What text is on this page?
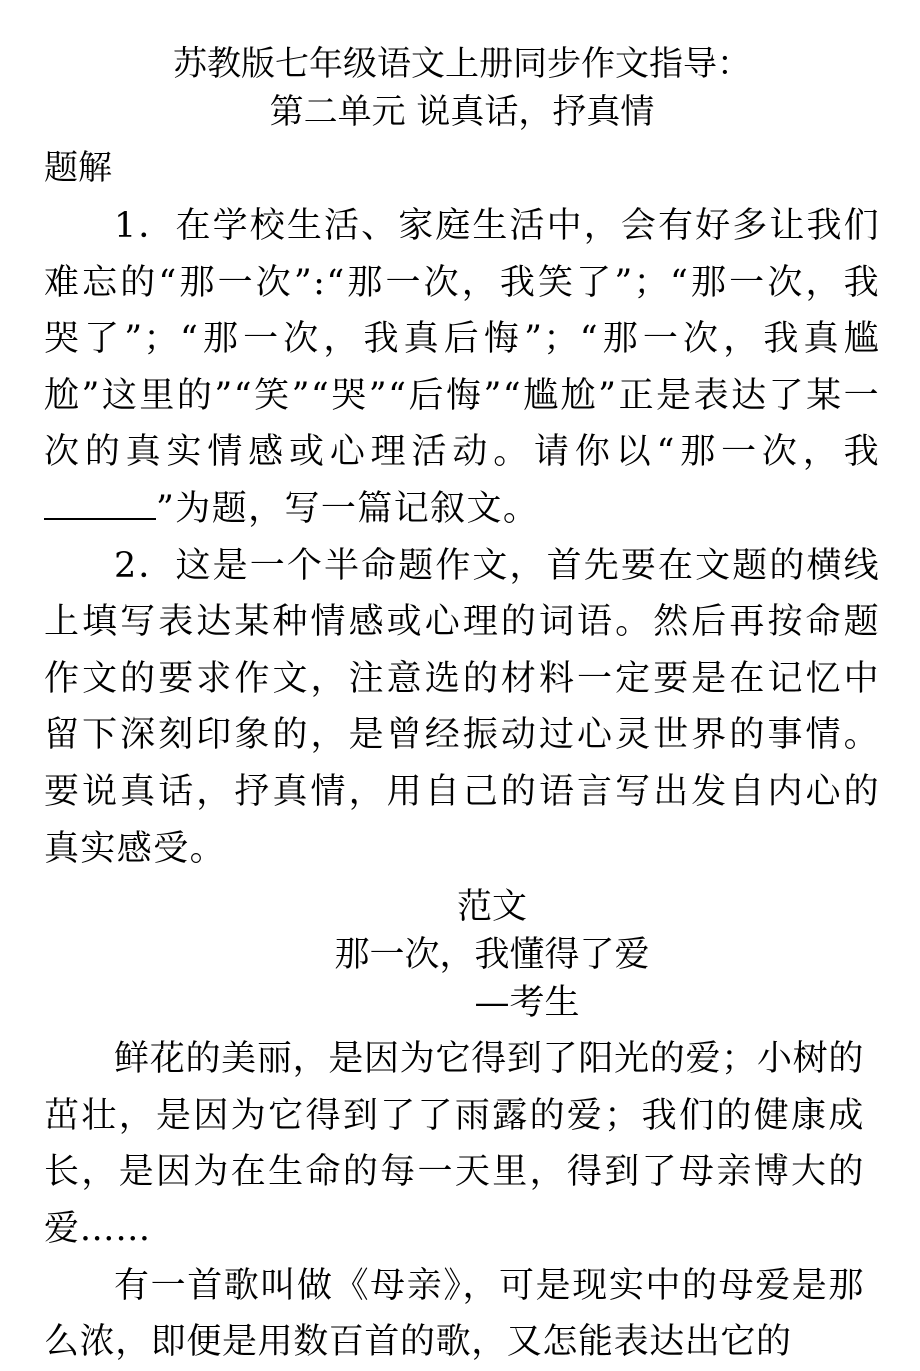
苏教版七年级语文上册同步作文指导：
第二单元 说真话，抒真情
题解

1．在学校生活、家庭生活中，会有好多让我们难忘的“那一次”:“那一次，我笑了”；“那一次，我哭了”；“那一次，我真后悔”；“那一次，我真尴尬”这里的”“笑”“哭”“后悔”“尴尬”正是表达了某一次的真实情感或心理活动。请你以“那一次，我”为题，写一篇记叙文。

2．这是一个半命题作文，首先要在文题的横线上填写表达某种情感或心理的词语。然后再按命题作文的要求作文，注意选的材料一定要是在记忆中留下深刻印象的，是曾经振动过心灵世界的事情。要说真话，抒真情，用自己的语言写出发自内心的真实感受。

范文
那一次，我懂得了爱
—考生

鲜花的美丽，是因为它得到了阳光的爱；小树的茁壮，是因为它得到了了雨露的爱；我们的健康成长，是因为在生命的每一天里，得到了母亲博大的爱……

有一首歌叫做《母亲》，可是现实中的母爱是那么浓，即便是用数百首的歌，又怎能表达出它的
